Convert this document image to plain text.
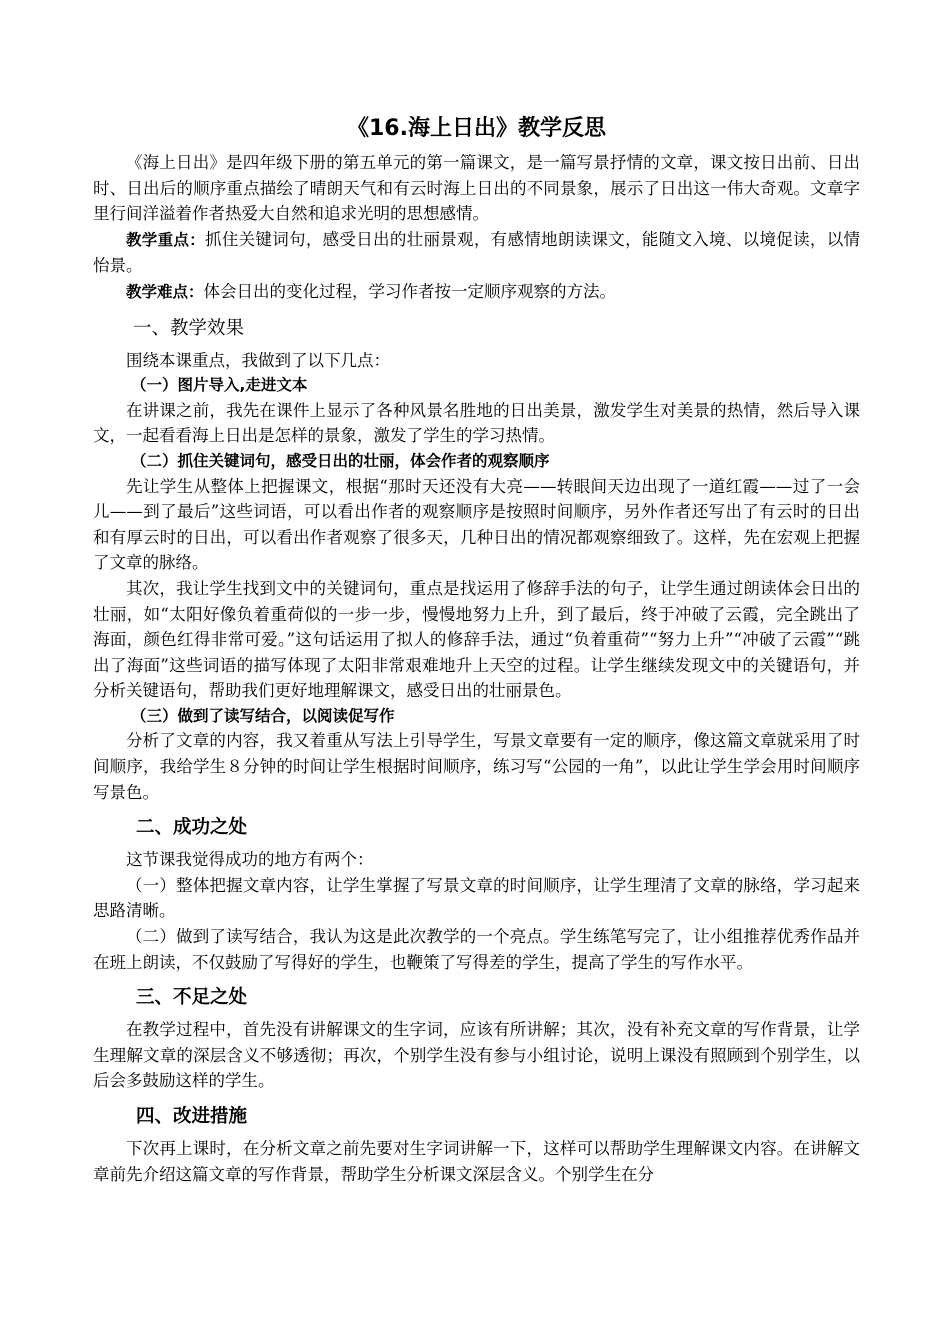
《16.海上日出》教学反思

《海上日出》是四年级下册的第五单元的第一篇课文，是一篇写景抒情的文章，课文按日出前、日出时、日出后的顺序重点描绘了晴朗天气和有云时海上日出的不同景象，展示了日出这一伟大奇观。文章字里行间洋溢着作者热爱大自然和追求光明的思想感情。

教学重点：抓住关键词句，感受日出的壮丽景观，有感情地朗读课文，能随文入境、以境促读，以情怡景。

教学难点：体会日出的变化过程，学习作者按一定顺序观察的方法。

一、教学效果

围绕本课重点，我做到了以下几点：

（一）图片导入,走进文本

在讲课之前，我先在课件上显示了各种风景名胜地的日出美景，激发学生对美景的热情，然后导入课文，一起看看海上日出是怎样的景象，激发了学生的学习热情。

（二）抓住关键词句，感受日出的壮丽，体会作者的观察顺序

先让学生从整体上把握课文，根据“那时天还没有大亮——转眼间天边出现了一道红霞——过了一会儿——到了最后”这些词语，可以看出作者的观察顺序是按照时间顺序，另外作者还写出了有云时的日出和有厚云时的日出，可以看出作者观察了很多天，几种日出的情况都观察细致了。这样，先在宏观上把握了文章的脉络。

其次，我让学生找到文中的关键词句，重点是找运用了修辞手法的句子，让学生通过朗读体会日出的壮丽，如“太阳好像负着重荷似的一步一步，慢慢地努力上升，到了最后，终于冲破了云霞，完全跳出了海面，颜色红得非常可爱。”这句话运用了拟人的修辞手法，通过“负着重荷”“努力上升”“冲破了云霞”“跳出了海面”这些词语的描写体现了太阳非常艰难地升上天空的过程。让学生继续发现文中的关键语句，并分析关键语句，帮助我们更好地理解课文，感受日出的壮丽景色。

（三）做到了读写结合，以阅读促写作

分析了文章的内容，我又着重从写法上引导学生，写景文章要有一定的顺序，像这篇文章就采用了时间顺序，我给学生８分钟的时间让学生根据时间顺序，练习写“公园的一角”，以此让学生学会用时间顺序写景色。

二、成功之处

这节课我觉得成功的地方有两个：

（一）整体把握文章内容，让学生掌握了写景文章的时间顺序，让学生理清了文章的脉络，学习起来思路清晰。

（二）做到了读写结合，我认为这是此次教学的一个亮点。学生练笔写完了，让小组推荐优秀作品并在班上朗读，不仅鼓励了写得好的学生，也鞭策了写得差的学生，提高了学生的写作水平。

三、不足之处

在教学过程中，首先没有讲解课文的生字词，应该有所讲解；其次，没有补充文章的写作背景，让学生理解文章的深层含义不够透彻；再次，个别学生没有参与小组讨论，说明上课没有照顾到个别学生，以后会多鼓励这样的学生。

四、改进措施

下次再上课时，在分析文章之前先要对生字词讲解一下，这样可以帮助学生理解课文内容。在讲解文章前先介绍这篇文章的写作背景，帮助学生分析课文深层含义。个别学生在分
